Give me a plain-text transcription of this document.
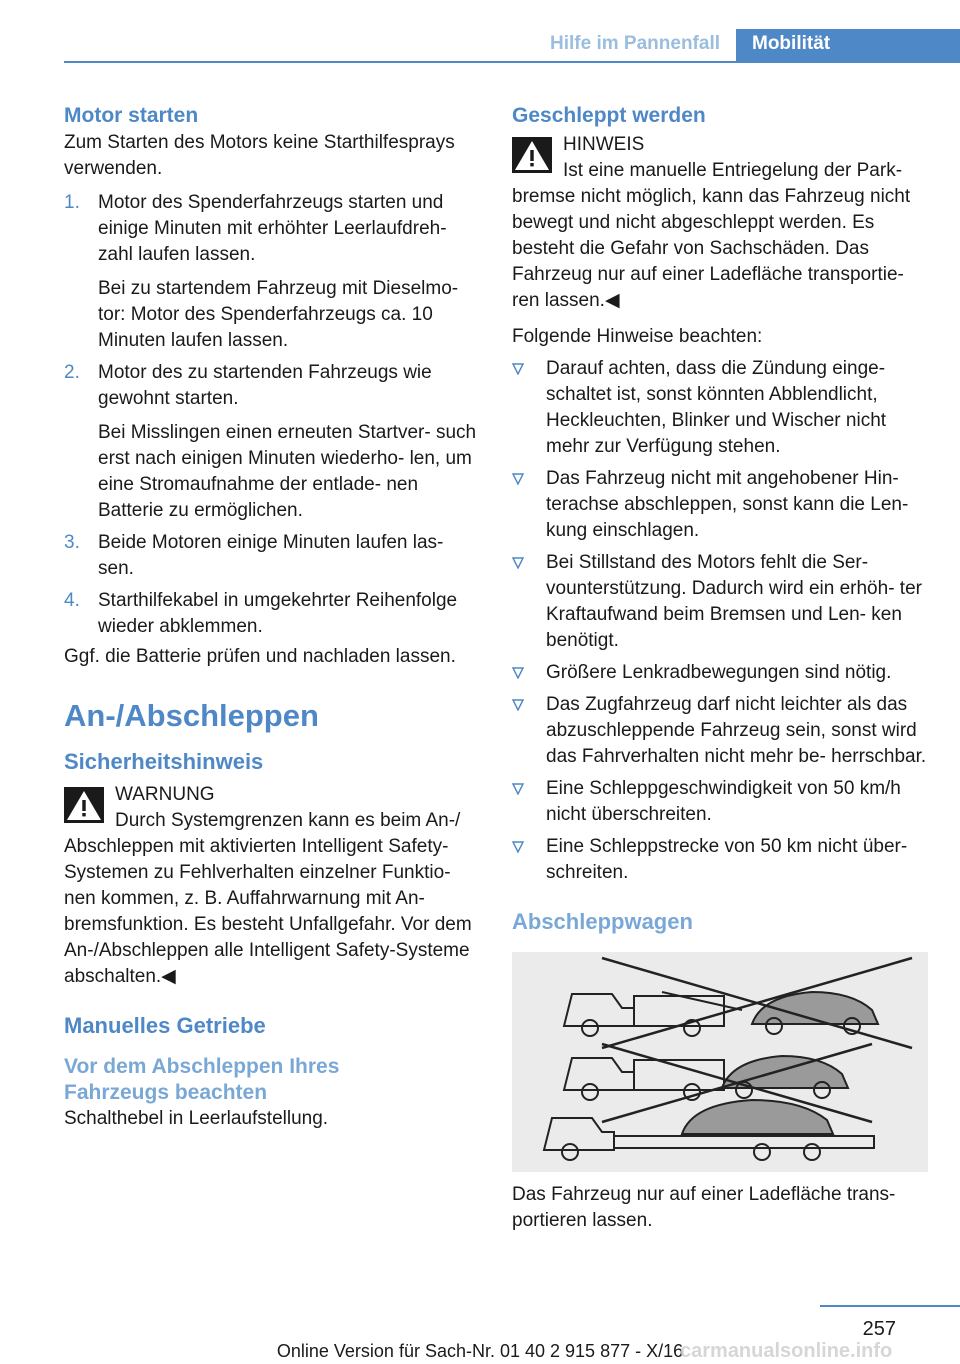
Hilfe im Pannenfall	Mobilität
Motor starten

Zum Starten des Motors keine Starthilfesprays verwenden.

1. Motor des Spenderfahrzeugs starten und einige Minuten mit erhöhter Leerlaufdreh‐ zahl laufen lassen.

Bei zu startendem Fahrzeug mit Dieselmo‐ tor: Motor des Spenderfahrzeugs ca. 10 Minuten laufen lassen.

2. Motor des zu startenden Fahrzeugs wie gewohnt starten.

Bei Misslingen einen erneuten Startver‐ such erst nach einigen Minuten wiederho‐ len, um eine Stromaufnahme der entlade‐ nen Batterie zu ermöglichen.

3. Beide Motoren einige Minuten laufen las‐ sen.

4. Starthilfekabel in umgekehrter Reihenfolge wieder abklemmen.

Ggf. die Batterie prüfen und nachladen lassen.

An-/Abschleppen
Sicherheitshinweis
WARNUNG

Durch Systemgrenzen kann es beim An-/

Abschleppen mit aktivierten Intelligent Safety-Systemen zu Fehlverhalten einzelner Funktio‐ nen kommen, z. B. Auffahrwarnung mit An‐ bremsfunktion. Es besteht Unfallgefahr. Vor dem An-/Abschleppen alle Intelligent Safety-Systeme abschalten.◀

Manuelles Getriebe
Vor dem Abschleppen Ihres Fahrzeugs beachten

Schalthebel in Leerlaufstellung.

Geschleppt werden
HINWEIS

Ist eine manuelle Entriegelung der Park‐

bremse nicht möglich, kann das Fahrzeug nicht bewegt und nicht abgeschleppt werden. Es besteht die Gefahr von Sachschäden. Das Fahrzeug nur auf einer Ladefläche transportie‐ ren lassen.◀

Folgende Hinweise beachten:

Darauf achten, dass die Zündung einge‐ schaltet ist, sonst könnten Abblendlicht, Heckleuchten, Blinker und Wischer nicht mehr zur Verfügung stehen.
Das Fahrzeug nicht mit angehobener Hin‐ terachse abschleppen, sonst kann die Len‐ kung einschlagen.
Bei Stillstand des Motors fehlt die Ser‐ vounterstützung. Dadurch wird ein erhöh‐ ter Kraftaufwand beim Bremsen und Len‐ ken benötigt.
Größere Lenkradbewegungen sind nötig.
Das Zugfahrzeug darf nicht leichter als das abzuschleppende Fahrzeug sein, sonst wird das Fahrverhalten nicht mehr be‐ herrschbar.
Eine Schleppgeschwindigkeit von 50 km/h nicht überschreiten.
Eine Schleppstrecke von 50 km nicht über‐ schreiten.
Abschleppwagen

Das Fahrzeug nur auf einer Ladefläche trans‐ portieren lassen.

257
Online Version für Sach-Nr. 01 40 2 915 877 - X/16
carmanualsonline.info
